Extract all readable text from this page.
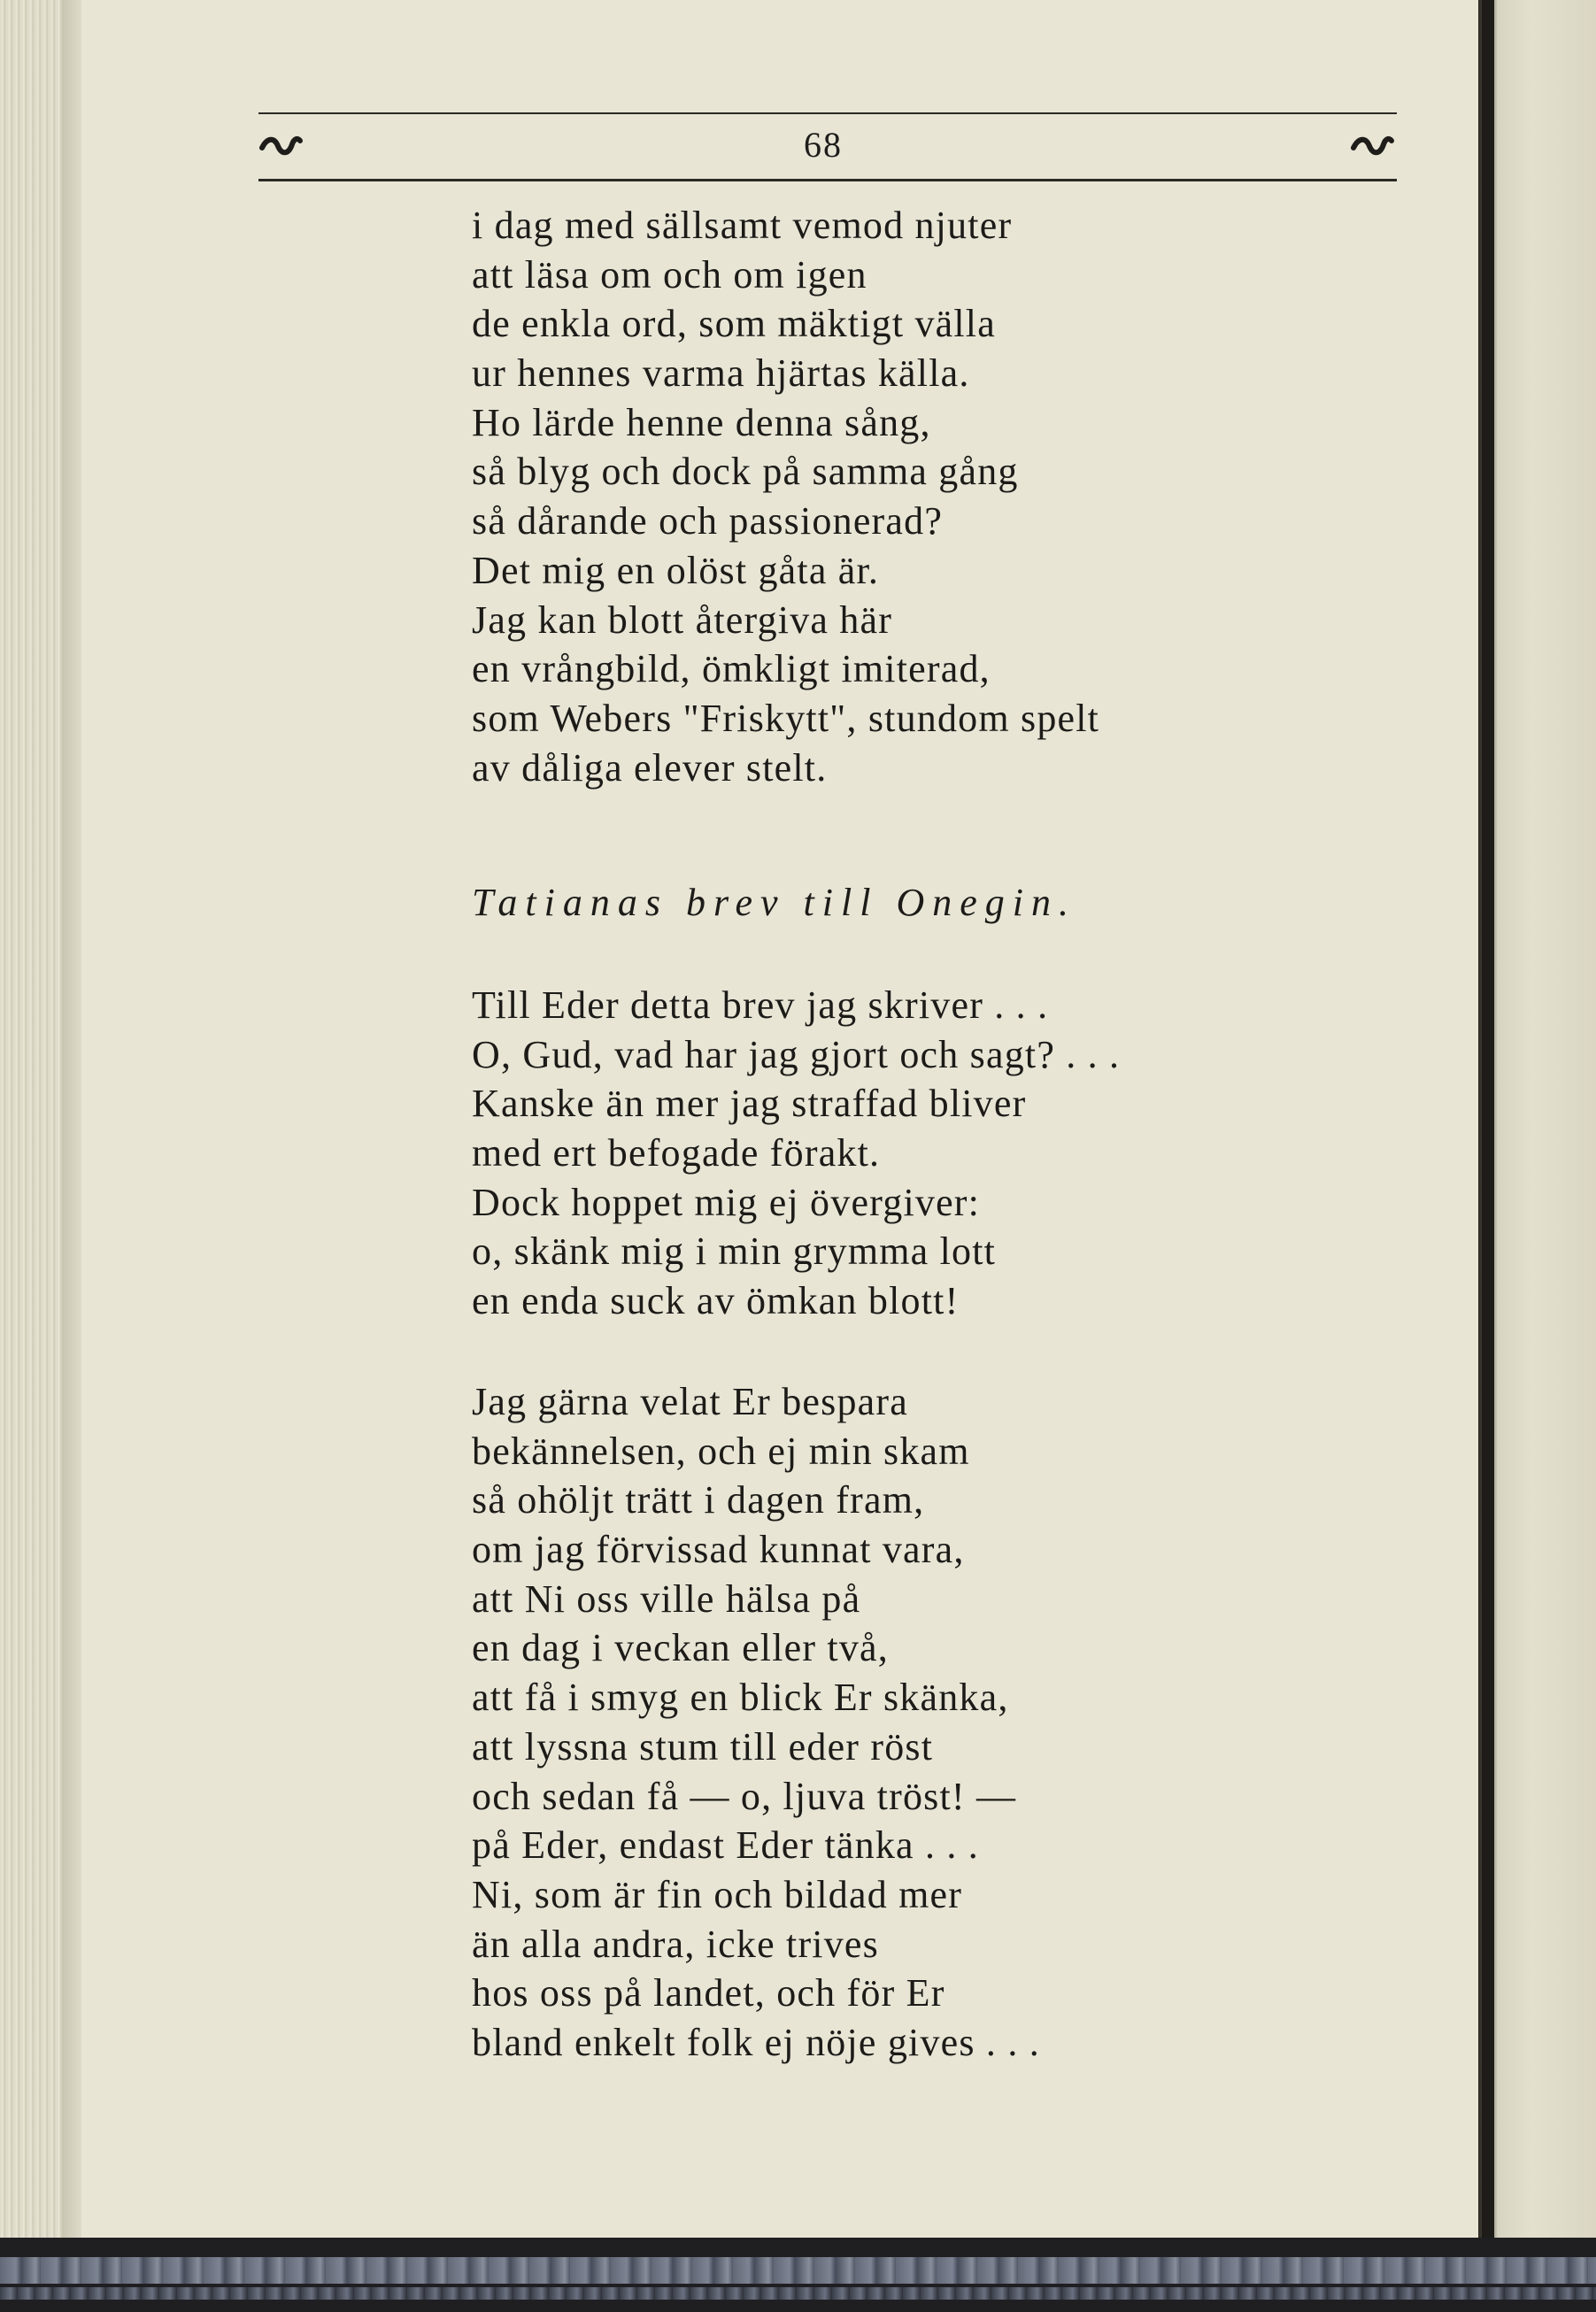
68
i dag med sällsamt vemod njuter
att läsa om och om igen
de enkla ord, som mäktigt välla
ur hennes varma hjärtas källa.
Ho lärde henne denna sång,
så blyg och dock på samma gång
så dårande och passionerad?
Det mig en olöst gåta är.
Jag kan blott återgiva här
en vrångbild, ömkligt imiterad,
som Webers "Friskytt", stundom spelt
av dåliga elever stelt.
Tatianas brev till Onegin.
Till Eder detta brev jag skriver . . .
O, Gud, vad har jag gjort och sagt? . . .
Kanske än mer jag straffad bliver
med ert befogade förakt.
Dock hoppet mig ej övergiver:
o, skänk mig i min grymma lott
en enda suck av ömkan blott!
Jag gärna velat Er bespara
bekännelsen, och ej min skam
så ohöljt trätt i dagen fram,
om jag förvissad kunnat vara,
att Ni oss ville hälsa på
en dag i veckan eller två,
att få i smyg en blick Er skänka,
att lyssna stum till eder röst
och sedan få — o, ljuva tröst! —
på Eder, endast Eder tänka . . .
Ni, som är fin och bildad mer
än alla andra, icke trives
hos oss på landet, och för Er
bland enkelt folk ej nöje gives . . .
